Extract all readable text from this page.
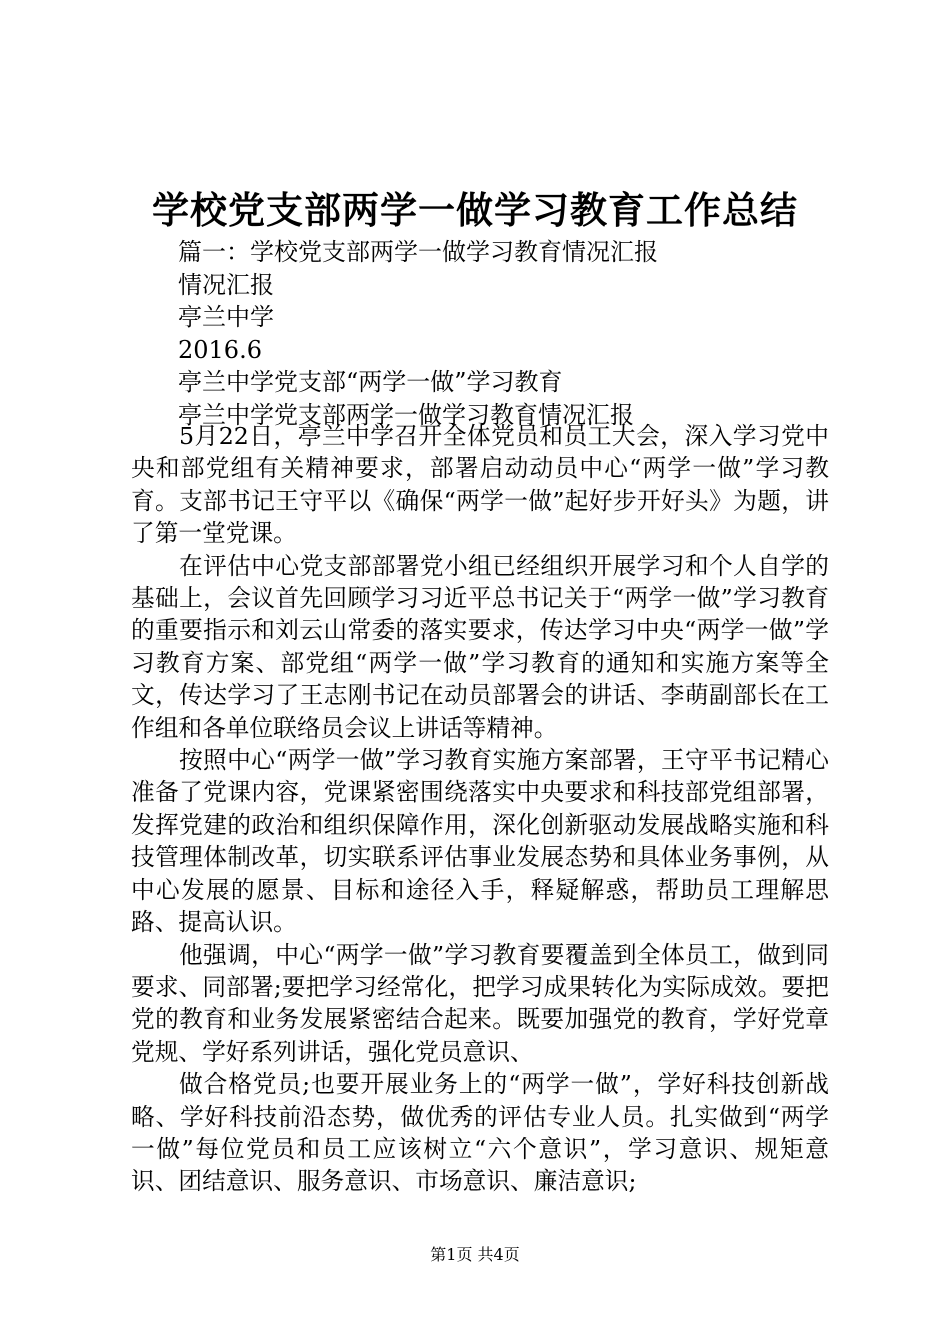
学校党支部两学一做学习教育工作总结

篇一：学校党支部两学一做学习教育情况汇报

情况汇报

亭兰中学

2016.6

亭兰中学党支部“两学一做”学习教育

亭兰中学党支部两学一做学习教育情况汇报

5月22日，亭兰中学召开全体党员和员工大会，深入学习党中央和部党组有关精神要求，部署启动动员中心“两学一做”学习教育。支部书记王守平以《确保“两学一做”起好步开好头》为题，讲了第一堂党课。

在评估中心党支部部署党小组已经组织开展学习和个人自学的基础上，会议首先回顾学习习近平总书记关于“两学一做”学习教育的重要指示和刘云山常委的落实要求，传达学习中央“两学一做”学习教育方案、部党组“两学一做”学习教育的通知和实施方案等全文，传达学习了王志刚书记在动员部署会的讲话、李萌副部长在工作组和各单位联络员会议上讲话等精神。

按照中心“两学一做”学习教育实施方案部署，王守平书记精心准备了党课内容，党课紧密围绕落实中央要求和科技部党组部署，发挥党建的政治和组织保障作用，深化创新驱动发展战略实施和科技管理体制改革，切实联系评估事业发展态势和具体业务事例，从中心发展的愿景、目标和途径入手，释疑解惑，帮助员工理解思路、提高认识。

他强调，中心“两学一做”学习教育要覆盖到全体员工，做到同要求、同部署;要把学习经常化，把学习成果转化为实际成效。要把党的教育和业务发展紧密结合起来。既要加强党的教育，学好党章党规、学好系列讲话，强化党员意识、

做合格党员;也要开展业务上的“两学一做”，学好科技创新战略、学好科技前沿态势，做优秀的评估专业人员。扎实做到“两学一做”每位党员和员工应该树立“六个意识”，学习意识、规矩意识、团结意识、服务意识、市场意识、廉洁意识;

第1页 共4页
